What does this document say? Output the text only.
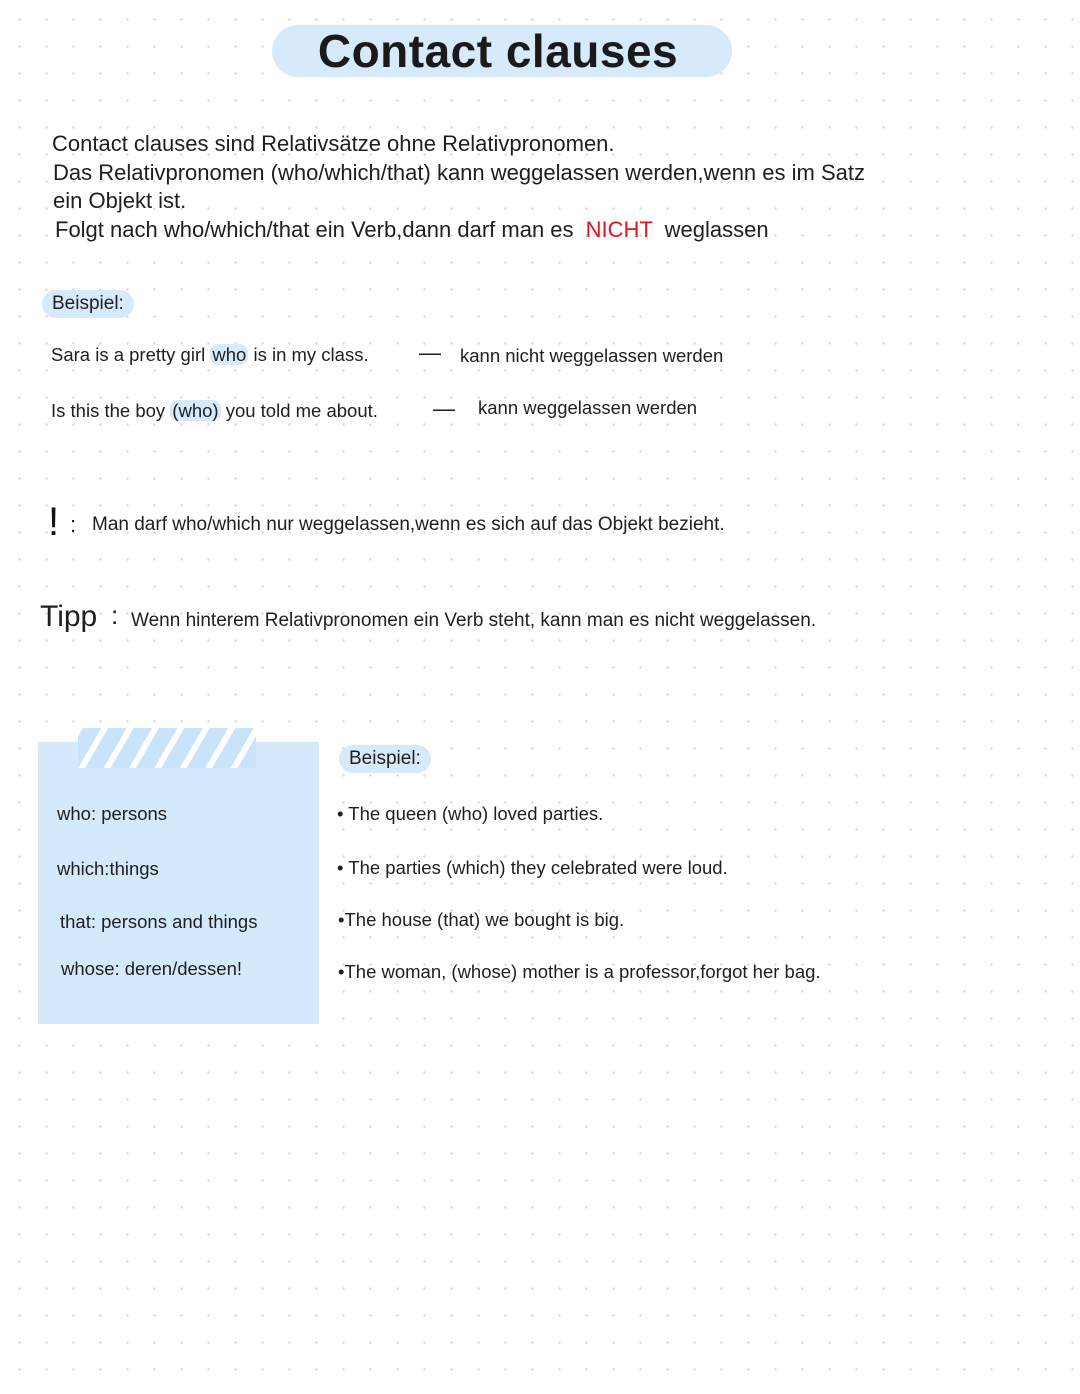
Contact clauses
Contact clauses sind Relativsätze ohne Relativpronomen.
Das Relativpronomen (who/which/that) kann weggelassen werden,wenn es im Satz
ein Objekt ist.
Folgt nach who/which/that ein Verb,dann darf man es NICHT weglassen
Beispiel:
Sara is a pretty girl who is in my class. — kann nicht weggelassen werden
Is this the boy (who) you told me about.	— kann weggelassen werden
! : Man darf who/which nur weggelassen,wenn es sich auf das Objekt bezieht.
Tipp : Wenn hinterem Relativpronomen ein Verb steht, kann man es nicht weggelassen.
who: persons
which:things
that: persons and things
whose: deren/dessen!
Beispiel:
• The queen (who) loved parties.
• The parties (which) they celebrated were loud.
•The house (that) we bought is big.
•The woman, (whose) mother is a professor,forgot her bag.
